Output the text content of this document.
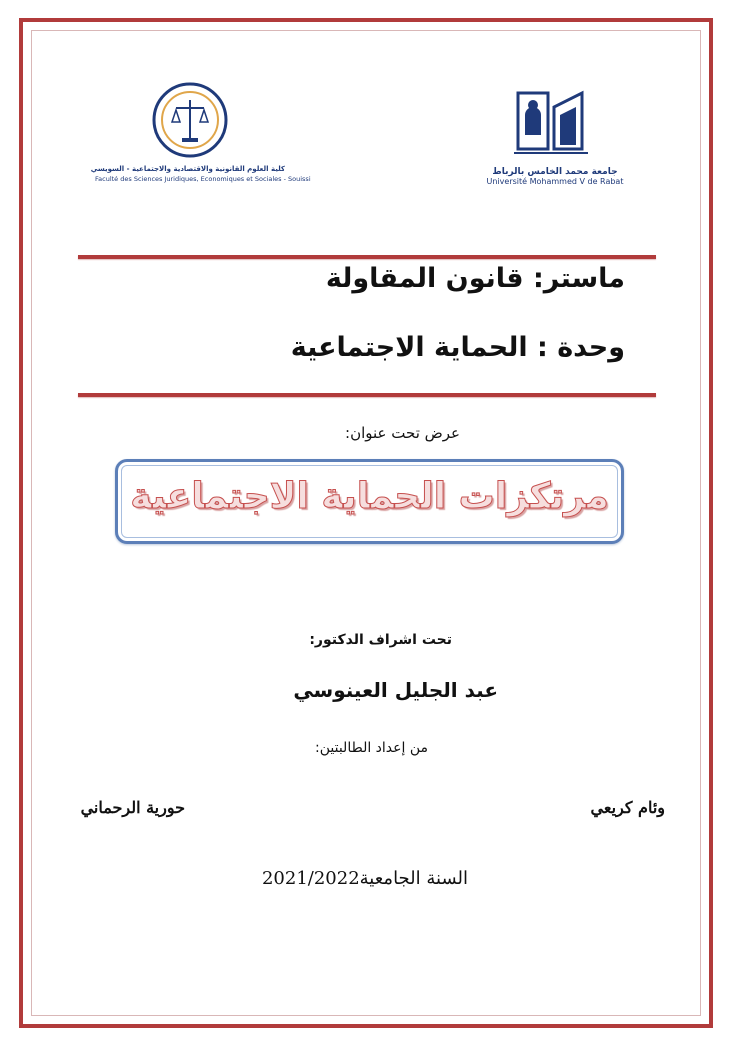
جامعة محمد الخامس بالرباط
Université Mohammed V de Rabat
كلية العلوم القانونية والاقتصادية والاجتماعية - السويسي
Faculté des Sciences Juridiques, Economiques et Sociales - Souissi
ماستر: قانون المقاولة
وحدة : الحماية الاجتماعية
عرض تحت عنوان:
مرتكزات الحماية الاجتماعية
تحت اشراف الدكتور:
عبد الجليل العينوسي
من إعداد الطالبتين:
وئام كريعي
حورية الرحماني
السنة الجامعية2021/2022
